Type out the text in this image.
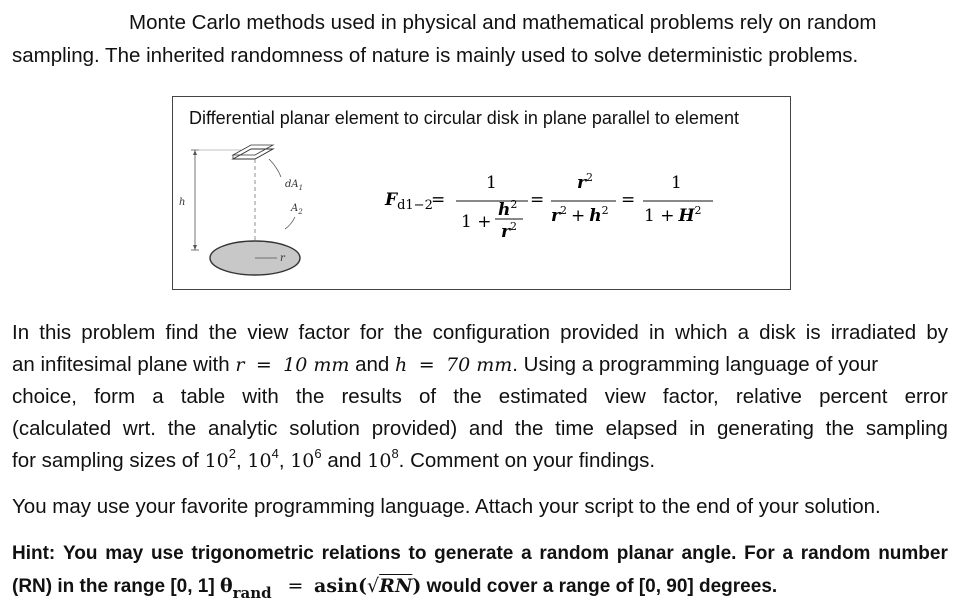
Monte Carlo methods used in physical and mathematical problems rely on random
sampling. The inherited randomness of nature is mainly used to solve deterministic problems.
Differential planar element to circular disk in plane parallel to element
h
$dA_1$
$A_2$
r
$F_{d1-2}$
=
1
1 +
$h^2$
$r^2$
=
$r^2$
$r^2 + h^2$
=
1
$1 + H^2$
In this problem find the view factor for the configuration provided in which a disk is irradiated by
an infitesimal plane with r = 10 mm and h = 70 mm. Using a programming language of your
choice, form a table with the results of the estimated view factor, relative percent error
(calculated wrt. the analytic solution provided) and the time elapsed in generating the sampling
for sampling sizes of $10^2$, $10^4$, $10^6$ and $10^8$. Comment on your findings.
You may use your favorite programming language. Attach your script to the end of your solution.
Hint: You may use trigonometric relations to generate a random planar angle. For a random number
(RN) in the range [0, 1] $\theta_{rand} = asin(√RN)$ would cover a range of [0, 90] degrees.
